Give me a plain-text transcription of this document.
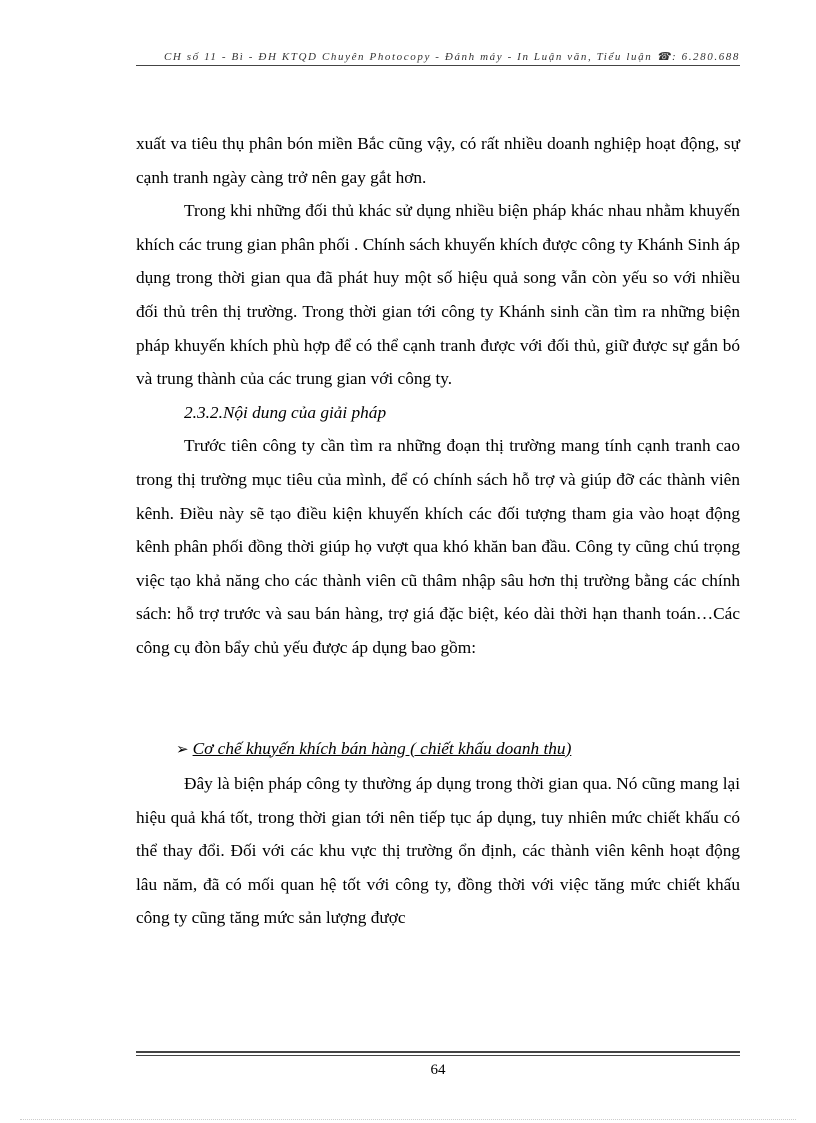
CH số 11 - Bì - ĐH KTQD Chuyên Photocopy - Đánh máy - In Luận văn, Tiểu luận ☎: 6.280.688

xuất va tiêu thụ phân bón miền Bắc cũng vậy, có rất nhiều doanh nghiệp hoạt động, sự cạnh tranh ngày càng trở nên gay gắt hơn.

Trong khi những đối thủ khác sử dụng nhiều biện pháp khác nhau nhằm khuyến khích các trung gian phân phối . Chính sách khuyến khích được công ty Khánh Sinh áp dụng trong thời gian qua đã phát huy một số hiệu quả song vẫn còn yếu so với nhiều đối thủ trên thị trường. Trong thời gian tới công ty Khánh sinh cần tìm ra những biện pháp khuyến khích phù hợp để có thể cạnh tranh được với đối thủ, giữ được sự gắn bó và trung thành của các trung gian với công ty.

2.3.2.Nội dung của giải pháp

Trước tiên công ty cần tìm ra những đoạn thị trường mang tính cạnh tranh cao trong thị trường mục tiêu của mình, để có chính sách hỗ trợ và giúp đỡ các thành viên kênh. Điều này sẽ tạo điều kiện khuyến khích các đối tượng tham gia vào hoạt động kênh phân phối đồng thời giúp họ vượt qua khó khăn ban đầu. Công ty cũng chú trọng việc tạo khả năng cho các thành viên cũ thâm nhập sâu hơn thị trường bằng các chính sách: hỗ trợ trước và sau bán hàng, trợ giá đặc biệt, kéo dài thời hạn thanh toán…Các công cụ đòn bẩy chủ yếu được áp dụng bao gồm:

➢ Cơ chế khuyến khích bán hàng ( chiết khấu doanh thu)

Đây là biện pháp công ty thường áp dụng trong thời gian qua. Nó cũng mang lại hiệu quả khá tốt, trong thời gian tới nên tiếp tục áp dụng, tuy nhiên mức chiết khấu có thể thay đổi. Đối với các khu vực thị trường ổn định, các thành viên kênh hoạt động lâu năm, đã có mối quan hệ tốt với công ty, đồng thời với việc tăng mức chiết khấu công ty cũng tăng mức sản lượng được

64
